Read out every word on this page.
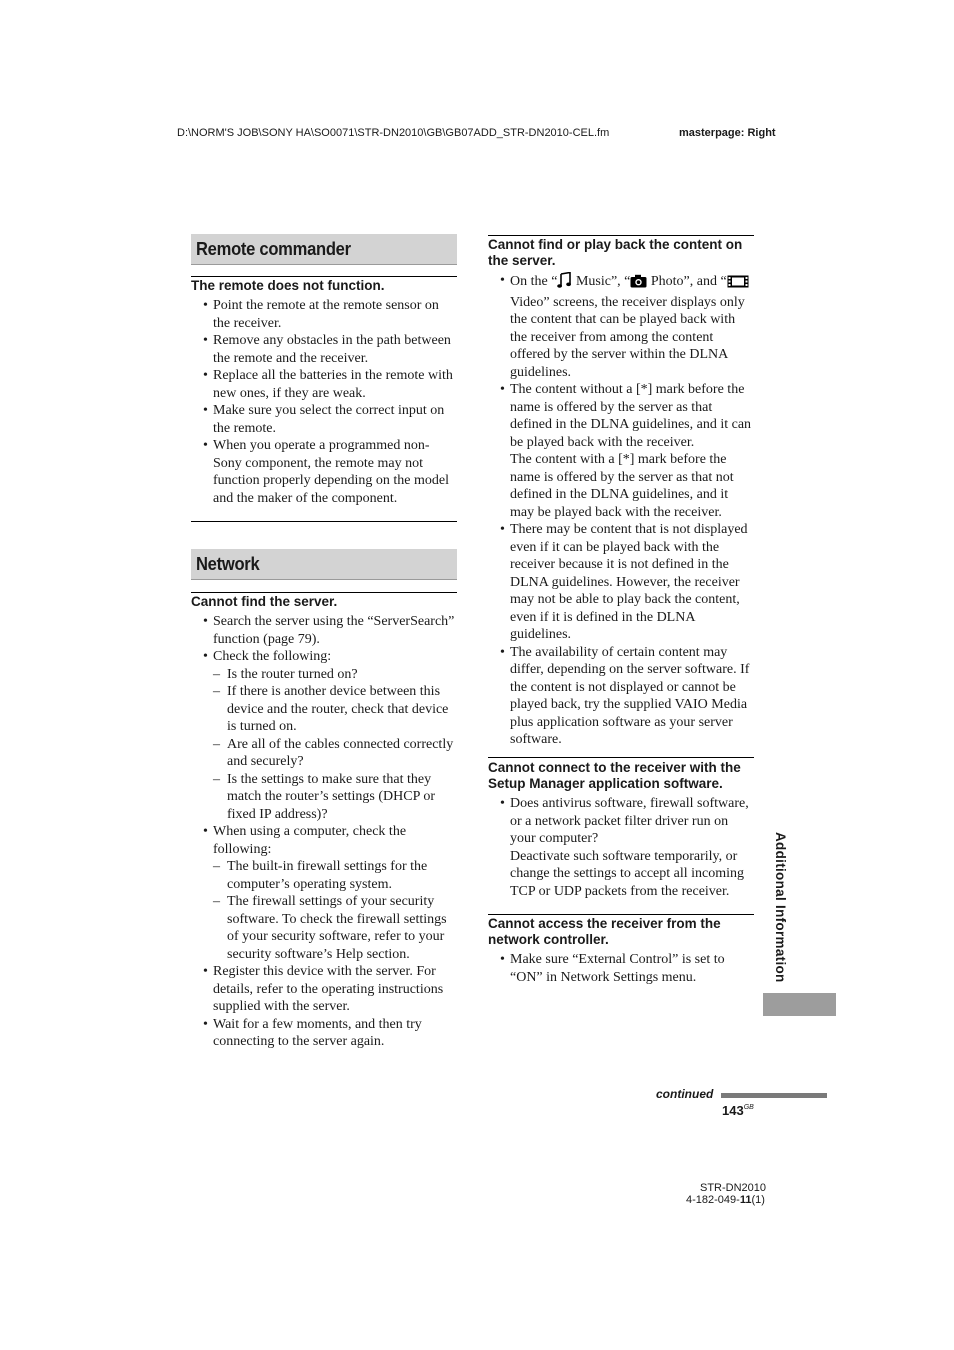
D:\NORM'S JOB\SONY HA\SO0071\STR-DN2010\GB\GB07ADD_STR-DN2010-CEL.fm	masterpage: Right
Remote commander
The remote does not function.
• Point the remote at the remote sensor on the receiver.
• Remove any obstacles in the path between the remote and the receiver.
• Replace all the batteries in the remote with new ones, if they are weak.
• Make sure you select the correct input on the remote.
• When you operate a programmed non-Sony component, the remote may not function properly depending on the model and the maker of the component.
Network
Cannot find the server.
• Search the server using the “ServerSearch” function (page 79).
• Check the following:
– Is the router turned on?
– If there is another device between this device and the router, check that device is turned on.
– Are all of the cables connected correctly and securely?
– Is the settings to make sure that they match the router’s settings (DHCP or fixed IP address)?
• When using a computer, check the following:
– The built-in firewall settings for the computer’s operating system.
– The firewall settings of your security software. To check the firewall settings of your security software, refer to your security software’s Help section.
• Register this device with the server. For details, refer to the operating instructions supplied with the server.
• Wait for a few moments, and then try connecting to the server again.
Cannot find or play back the content on the server.
• On the “ Music”, “ Photo”, and “ Video” screens, the receiver displays only the content that can be played back with the receiver from among the content offered by the server within the DLNA guidelines.
• The content without a [*] mark before the name is offered by the server as that defined in the DLNA guidelines, and it can be played back with the receiver.
The content with a [*] mark before the name is offered by the server as that not defined in the DLNA guidelines, and it may be played back with the receiver.
• There may be content that is not displayed even if it can be played back with the receiver because it is not defined in the DLNA guidelines. However, the receiver may not be able to play back the content, even if it is defined in the DLNA guidelines.
• The availability of certain content may differ, depending on the server software. If the content is not displayed or cannot be played back, try the supplied VAIO Media plus application software as your server software.
Cannot connect to the receiver with the Setup Manager application software.
• Does antivirus software, firewall software, or a network packet filter driver run on your computer?
Deactivate such software temporarily, or change the settings to accept all incoming TCP or UDP packets from the receiver.
Cannot access the receiver from the network controller.
• Make sure “External Control” is set to “ON” in Network Settings menu.	Additional Information
continued
$143^{GB}$
STR-DN2010
4-182-049-11(1)
